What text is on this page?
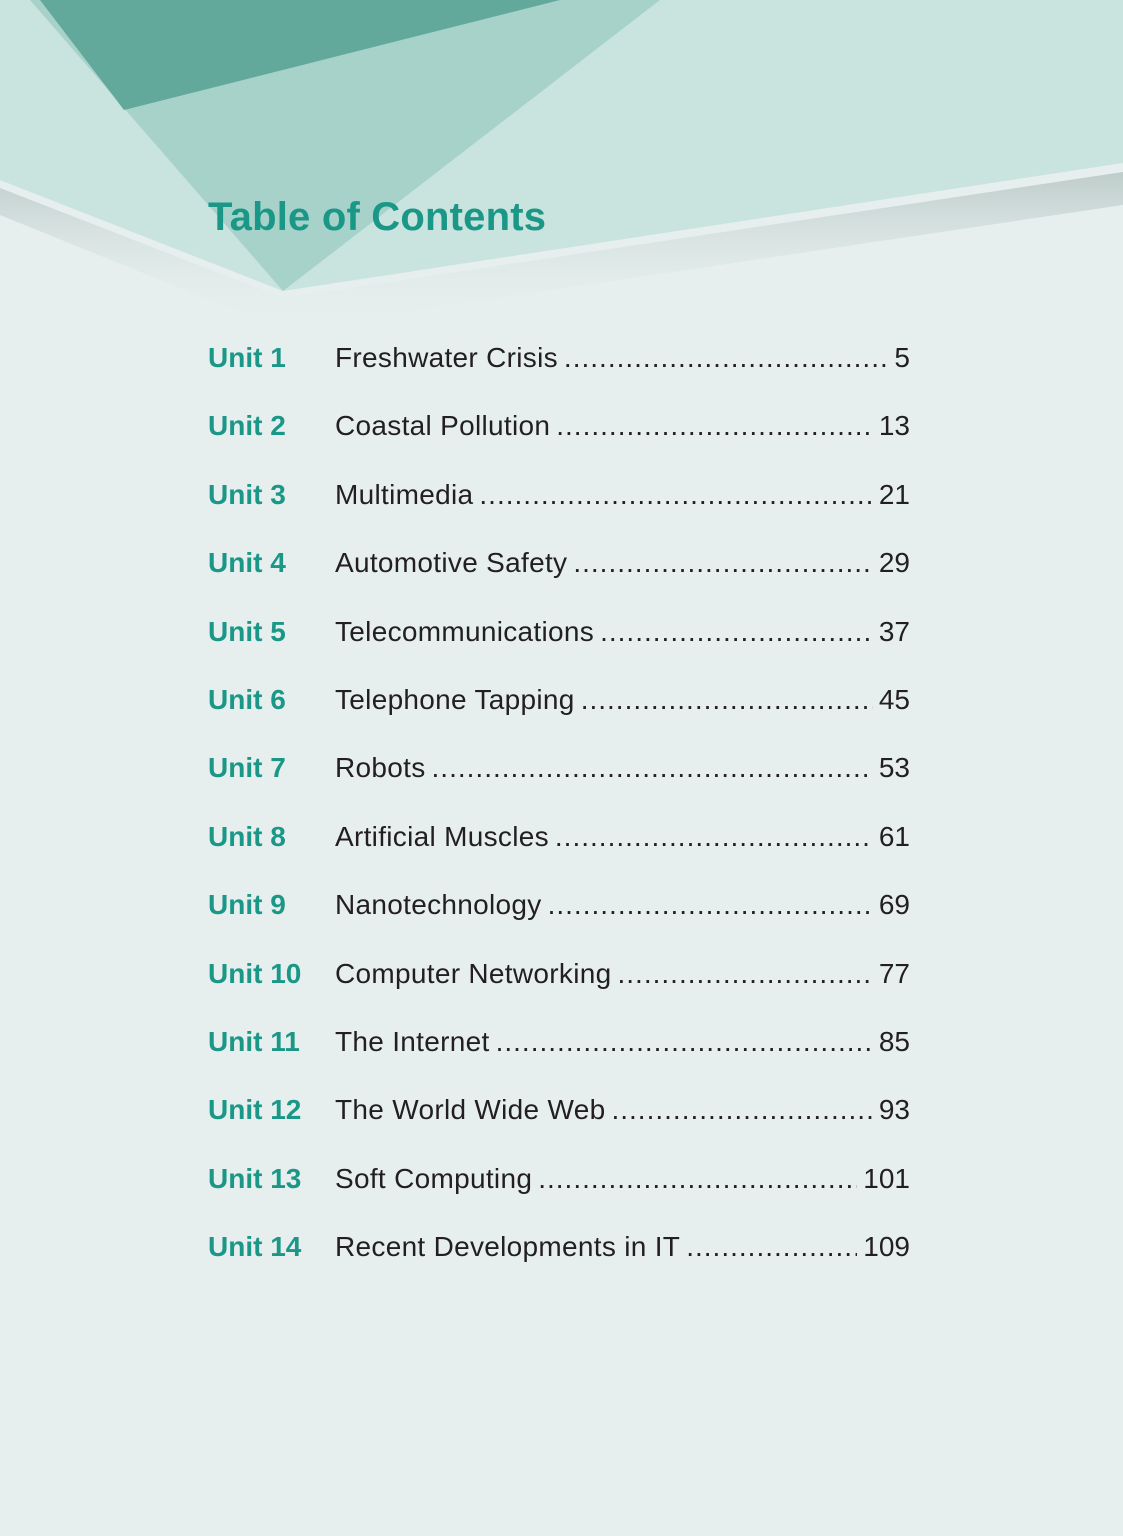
Table of Contents
Unit 1	Freshwater Crisis .....	5
Unit 2	Coastal Pollution .....	13
Unit 3	Multimedia .....	21
Unit 4	Automotive Safety .....	29
Unit 5	Telecommunications .....	37
Unit 6	Telephone Tapping .....	45
Unit 7	Robots .....	53
Unit 8	Artificial Muscles .....	61
Unit 9	Nanotechnology .....	69
Unit 10	Computer Networking .....	77
Unit 11	The Internet .....	85
Unit 12	The World Wide Web .....	93
Unit 13	Soft Computing .....	101
Unit 14	Recent Developments in IT .....	109
